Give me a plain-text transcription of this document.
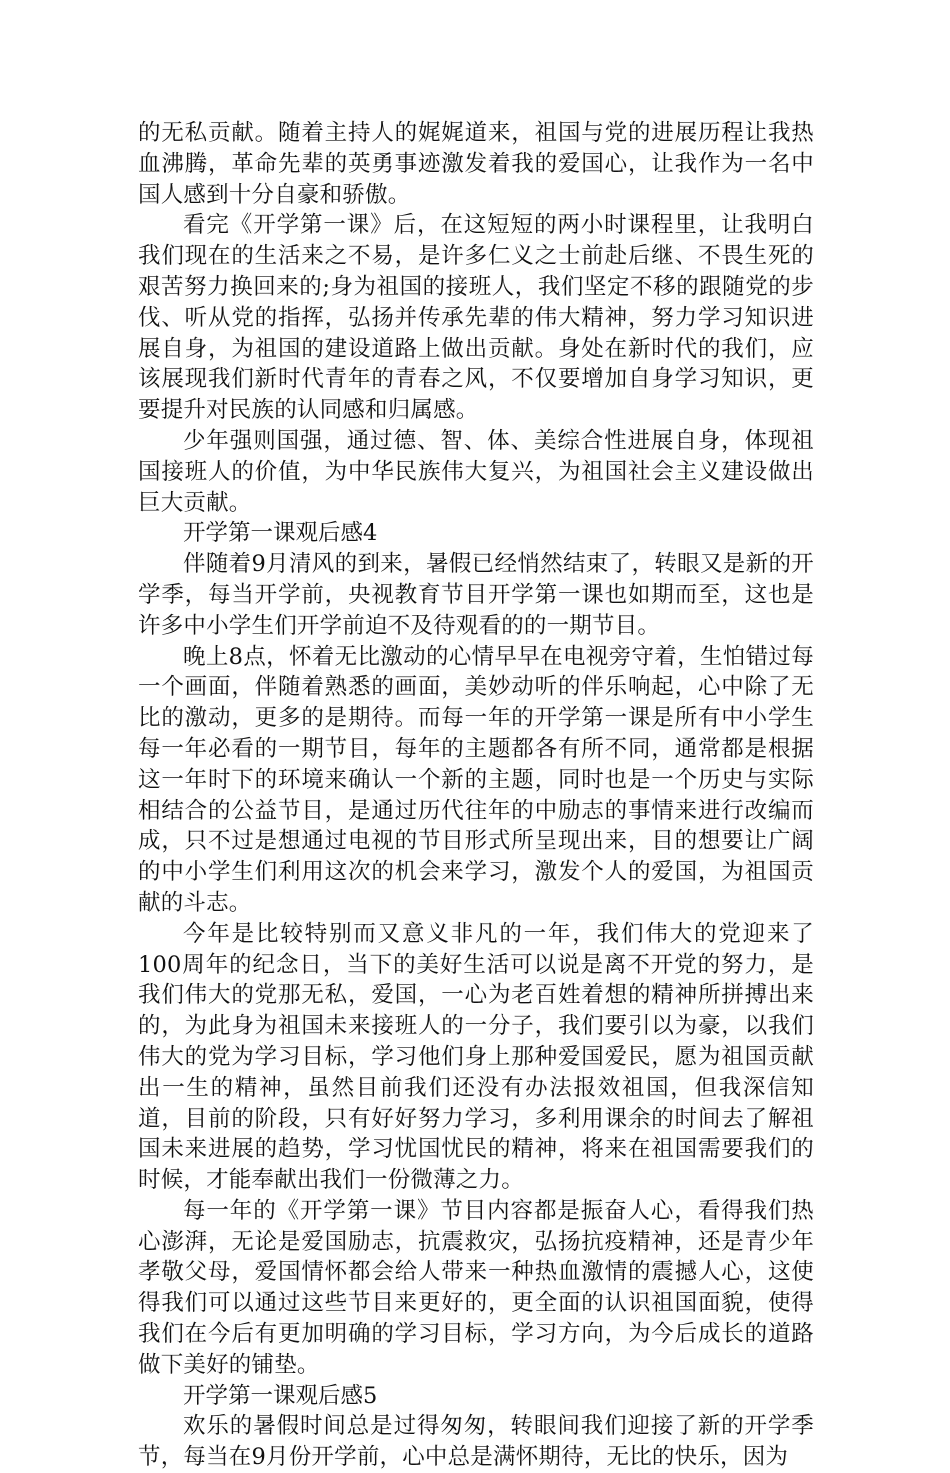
的无私贡献。随着主持人的娓娓道来，祖国与党的进展历程让我热血沸腾，革命先辈的英勇事迹激发着我的爱国心，让我作为一名中国人感到十分自豪和骄傲。

看完《开学第一课》后，在这短短的两小时课程里，让我明白我们现在的生活来之不易，是许多仁义之士前赴后继、不畏生死的艰苦努力换回来的;身为祖国的接班人，我们坚定不移的跟随党的步伐、听从党的指挥，弘扬并传承先辈的伟大精神，努力学习知识进展自身，为祖国的建设道路上做出贡献。身处在新时代的我们，应该展现我们新时代青年的青春之风，不仅要增加自身学习知识，更要提升对民族的认同感和归属感。

少年强则国强，通过德、智、体、美综合性进展自身，体现祖国接班人的价值，为中华民族伟大复兴，为祖国社会主义建设做出巨大贡献。

开学第一课观后感4

伴随着9月清风的到来，暑假已经悄然结束了，转眼又是新的开学季，每当开学前，央视教育节目开学第一课也如期而至，这也是许多中小学生们开学前迫不及待观看的的一期节目。

晚上8点，怀着无比激动的心情早早在电视旁守着，生怕错过每一个画面，伴随着熟悉的画面，美妙动听的伴乐响起，心中除了无比的激动，更多的是期待。而每一年的开学第一课是所有中小学生每一年必看的一期节目，每年的主题都各有所不同，通常都是根据这一年时下的环境来确认一个新的主题，同时也是一个历史与实际相结合的公益节目，是通过历代往年的中励志的事情来进行改编而成，只不过是想通过电视的节目形式所呈现出来，目的想要让广阔的中小学生们利用这次的机会来学习，激发个人的爱国，为祖国贡献的斗志。

今年是比较特别而又意义非凡的一年，我们伟大的党迎来了100周年的纪念日，当下的美好生活可以说是离不开党的努力，是我们伟大的党那无私，爱国，一心为老百姓着想的精神所拼搏出来的，为此身为祖国未来接班人的一分子，我们要引以为豪，以我们伟大的党为学习目标，学习他们身上那种爱国爱民，愿为祖国贡献出一生的精神，虽然目前我们还没有办法报效祖国，但我深信知道，目前的阶段，只有好好努力学习，多利用课余的时间去了解祖国未来进展的趋势，学习忧国忧民的精神，将来在祖国需要我们的时候，才能奉献出我们一份微薄之力。

每一年的《开学第一课》节目内容都是振奋人心，看得我们热心澎湃，无论是爱国励志，抗震救灾，弘扬抗疫精神，还是青少年孝敬父母，爱国情怀都会给人带来一种热血激情的震撼人心，这使得我们可以通过这些节目来更好的，更全面的认识祖国面貌，使得我们在今后有更加明确的学习目标，学习方向，为今后成长的道路做下美好的铺垫。

开学第一课观后感5

欢乐的暑假时间总是过得匆匆，转眼间我们迎接了新的开学季节，每当在9月份开学前，心中总是满怀期待，无比的快乐，因为
